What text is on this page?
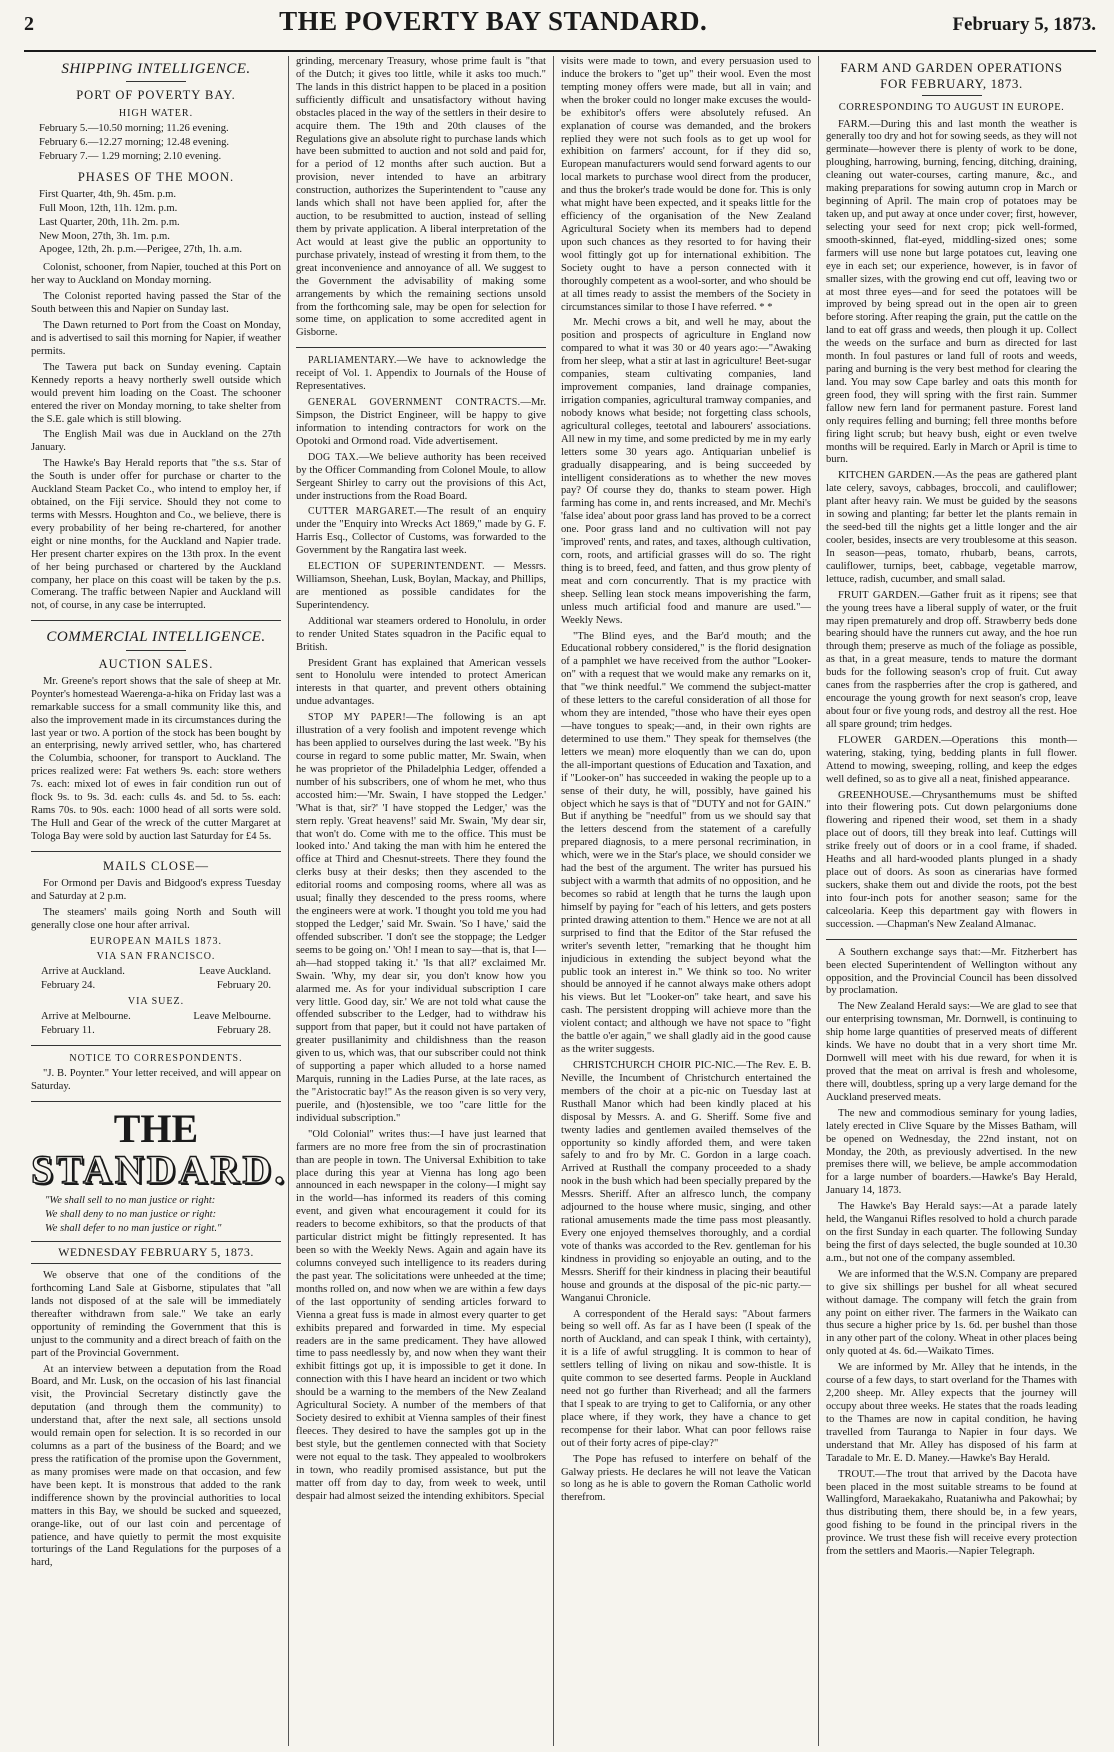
2	THE POVERTY BAY STANDARD.	February 5, 1873.
SHIPPING INTELLIGENCE.
PORT OF POVERTY BAY.
HIGH WATER.
February 5.—10.50 morning; 11.26 evening.
February 6.—12.27 morning; 12.48 evening.
February 7.— 1.29 morning; 2.10 evening.
PHASES OF THE MOON.
First Quarter, 4th, 9h. 45m. p.m.
Full Moon, 12th, 11h. 12m. p.m.
Last Quarter, 20th, 11h. 2m. p.m.
New Moon, 27th, 3h. 1m. p.m.
Apogee, 12th, 2h. p.m.—Perigee, 27th, 1h. a.m.

Colonist, schooner, from Napier, touched at this Port on her way to Auckland on Monday morning.

The Colonist reported having passed the Star of the South between this and Napier on Sunday last.

The Dawn returned to Port from the Coast on Monday, and is advertised to sail this morning for Napier, if weather permits.

The Tawera put back on Sunday evening. Captain Kennedy reports a heavy northerly swell outside which would prevent him loading on the Coast. The schooner entered the river on Monday morning, to take shelter from the S.E. gale which is still blowing.

The English Mail was due in Auckland on the 27th January.

The Hawke's Bay Herald reports that "the s.s. Star of the South is under offer for purchase or charter to the Auckland Steam Packet Co., who intend to employ her, if obtained, on the Fiji service. Should they not come to terms with Messrs. Houghton and Co., we believe, there is every probability of her being re-chartered, for another eight or nine months, for the Auckland and Napier trade. Her present charter expires on the 13th prox. In the event of her being purchased or chartered by the Auckland company, her place on this coast will be taken by the p.s. Comerang. The traffic between Napier and Auckland will not, of course, in any case be interrupted.

COMMERCIAL INTELLIGENCE.
AUCTION SALES.

Mr. Greene's report shows that the sale of sheep at Mr. Poynter's homestead Waerenga-a-hika on Friday last was a remarkable success for a small community like this, and also the improvement made in its circumstances during the last year or two. A portion of the stock has been bought by an enterprising, newly arrived settler, who, has chartered the Columbia, schooner, for transport to Auckland. The prices realized were: Fat wethers 9s. each: store wethers 7s. each: mixed lot of ewes in fair condition run out of flock 9s. to 9s. 3d. each: culls 4s. and 5d. to 5s. each: Rams 70s. to 90s. each: 1000 head of all sorts were sold. The Hull and Gear of the wreck of the cutter Margaret at Tologa Bay were sold by auction last Saturday for £4 5s.

MAILS CLOSE—

For Ormond per Davis and Bidgood's express Tuesday and Saturday at 2 p.m.

The steamers' mails going North and South will generally close one hour after arrival.

EUROPEAN MAILS 1873.
VIA SAN FRANCISCO.
Arrive at Auckland.	Leave Auckland.
February 24.	February 20.
VIA SUEZ.
Arrive at Melbourne.	Leave Melbourne.
February 11.	February 28.
NOTICE TO CORRESPONDENTS.

"J. B. Poynter." Your letter received, and will appear on Saturday.

THE
STANDARD.
"We shall sell to no man justice or right:
We shall deny to no man justice or right:
We shall defer to no man justice or right."
WEDNESDAY FEBRUARY 5, 1873.

We observe that one of the conditions of the forthcoming Land Sale at Gisborne, stipulates that "all lands not disposed of at the sale will be immediately thereafter withdrawn from sale." We take an early opportunity of reminding the Government that this is unjust to the community and a direct breach of faith on the part of the Provincial Government.

At an interview between a deputation from the Road Board, and Mr. Lusk, on the occasion of his last financial visit, the Provincial Secretary distinctly gave the deputation (and through them the community) to understand that, after the next sale, all sections unsold would remain open for selection. It is so recorded in our columns as a part of the business of the Board; and we press the ratification of the promise upon the Government, as many promises were made on that occasion, and few have been kept. It is monstrous that added to the rank indifference shown by the provincial authorities to local matters in this Bay, we should be sucked and squeezed, orange-like, out of our last coin and percentage of patience, and have quietly to permit the most exquisite torturings of the Land Regulations for the purposes of a hard,

grinding, mercenary Treasury, whose prime fault is "that of the Dutch; it gives too little, while it asks too much." The lands in this district happen to be placed in a position sufficiently difficult and unsatisfactory without having obstacles placed in the way of the settlers in their desire to acquire them. The 19th and 20th clauses of the Regulations give an absolute right to purchase lands which have been submitted to auction and not sold and paid for, for a period of 12 months after such auction. But a provision, never intended to have an arbitrary construction, authorizes the Superintendent to "cause any lands which shall not have been applied for, after the auction, to be resubmitted to auction, instead of selling them by private application. A liberal interpretation of the Act would at least give the public an opportunity to purchase privately, instead of wresting it from them, to the great inconvenience and annoyance of all. We suggest to the Government the advisability of making some arrangements by which the remaining sections unsold from the forthcoming sale, may be open for selection for some time, on application to some accredited agent in Gisborne.

PARLIAMENTARY.—We have to acknowledge the receipt of Vol. 1. Appendix to Journals of the House of Representatives.

GENERAL GOVERNMENT CONTRACTS.—Mr. Simpson, the District Engineer, will be happy to give information to intending contractors for work on the Opotoki and Ormond road. Vide advertisement.

DOG TAX.—We believe authority has been received by the Officer Commanding from Colonel Moule, to allow Sergeant Shirley to carry out the provisions of this Act, under instructions from the Road Board.

CUTTER MARGARET.—The result of an enquiry under the "Enquiry into Wrecks Act 1869," made by G. F. Harris Esq., Collector of Customs, was forwarded to the Government by the Rangatira last week.

ELECTION OF SUPERINTENDENT. — Messrs. Williamson, Sheehan, Lusk, Boylan, Mackay, and Phillips, are mentioned as possible candidates for the Superintendency.

Additional war steamers ordered to Honolulu, in order to render United States squadron in the Pacific equal to British.

President Grant has explained that American vessels sent to Honolulu were intended to protect American interests in that quarter, and prevent others obtaining undue advantages.

STOP MY PAPER!—The following is an apt illustration of a very foolish and impotent revenge which has been applied to ourselves during the last week. "By his course in regard to some public matter, Mr. Swain, when he was proprietor of the Philadelphia Ledger, offended a number of his subscribers, one of whom he met, who thus accosted him:—'Mr. Swain, I have stopped the Ledger.' 'What is that, sir?' 'I have stopped the Ledger,' was the stern reply. 'Great heavens!' said Mr. Swain, 'My dear sir, that won't do. Come with me to the office. This must be looked into.' And taking the man with him he entered the office at Third and Chesnut-streets. There they found the clerks busy at their desks; then they ascended to the editorial rooms and composing rooms, where all was as usual; finally they descended to the press rooms, where the engineers were at work. 'I thought you told me you had stopped the Ledger,' said Mr. Swain. 'So I have,' said the offended subscriber. 'I don't see the stoppage; the Ledger seems to be going on.' 'Oh! I mean to say—that is, that I—ah—had stopped taking it.' 'Is that all?' exclaimed Mr. Swain. 'Why, my dear sir, you don't know how you alarmed me. As for your individual subscription I care very little. Good day, sir.' We are not told what cause the offended subscriber to the Ledger, had to withdraw his support from that paper, but it could not have partaken of greater pusillanimity and childishness than the reason given to us, which was, that our subscriber could not think of supporting a paper which alluded to a horse named Marquis, running in the Ladies Purse, at the late races, as the "Aristocratic bay!" As the reason given is so very very, puerile, and (h)ostensible, we too "care little for the individual subscription."

"Old Colonial" writes thus:—I have just learned that farmers are no more free from the sin of procrastination than are people in town. The Universal Exhibition to take place during this year at Vienna has long ago been announced in each newspaper in the colony—I might say in the world—has informed its readers of this coming event, and given what encouragement it could for its readers to become exhibitors, so that the products of that particular district might be fittingly represented. It has been so with the Weekly News. Again and again have its columns conveyed such intelligence to its readers during the past year. The solicitations were unheeded at the time; months rolled on, and now when we are within a few days of the last opportunity of sending articles forward to Vienna a great fuss is made in almost every quarter to get exhibits prepared and forwarded in time. My especial readers are in the same predicament. They have allowed time to pass needlessly by, and now when they want their exhibit fittings got up, it is impossible to get it done. In connection with this I have heard an incident or two which should be a warning to the members of the New Zealand Agricultural Society. A number of the members of that Society desired to exhibit at Vienna samples of their finest fleeces. They desired to have the samples got up in the best style, but the gentlemen connected with that Society were not equal to the task. They appealed to woolbrokers in town, who readily promised assistance, but put the matter off from day to day, from week to week, until despair had almost seized the intending exhibitors. Special

visits were made to town, and every persuasion used to induce the brokers to "get up" their wool. Even the most tempting money offers were made, but all in vain; and when the broker could no longer make excuses the would-be exhibitor's offers were absolutely refused. An explanation of course was demanded, and the brokers replied they were not such fools as to get up wool for exhibition on farmers' account, for if they did so, European manufacturers would send forward agents to our local markets to purchase wool direct from the producer, and thus the broker's trade would be done for. This is only what might have been expected, and it speaks little for the efficiency of the organisation of the New Zealand Agricultural Society when its members had to depend upon such chances as they resorted to for having their wool fittingly got up for international exhibition. The Society ought to have a person connected with it thoroughly competent as a wool-sorter, and who should be at all times ready to assist the members of the Society in circumstances similar to those I have referred. * *

Mr. Mechi crows a bit, and well he may, about the position and prospects of agriculture in England now compared to what it was 30 or 40 years ago:—"Awaking from her sleep, what a stir at last in agriculture! Beet-sugar companies, steam cultivating companies, land improvement companies, land drainage companies, irrigation companies, agricultural tramway companies, and nobody knows what beside; not forgetting class schools, agricultural colleges, teetotal and labourers' associations. All new in my time, and some predicted by me in my early letters some 30 years ago. Antiquarian unbelief is gradually disappearing, and is being succeeded by intelligent considerations as to whether the new moves pay? Of course they do, thanks to steam power. High farming has come in, and rents increased, and Mr. Mechi's 'false idea' about poor grass land has proved to be a correct one. Poor grass land and no cultivation will not pay 'improved' rents, and rates, and taxes, although cultivation, corn, roots, and artificial grasses will do so. The right thing is to breed, feed, and fatten, and thus grow plenty of meat and corn concurrently. That is my practice with sheep. Selling lean stock means impoverishing the farm, unless much artificial food and manure are used."—Weekly News.

"The Blind eyes, and the Bar'd mouth; and the Educational robbery considered," is the florid designation of a pamphlet we have received from the author "Looker-on" with a request that we would make any remarks on it, that "we think needful." We commend the subject-matter of these letters to the careful consideration of all those for whom they are intended, "those who have their eyes open—have tongues to speak;—and, in their own rights are determined to use them." They speak for themselves (the letters we mean) more eloquently than we can do, upon the all-important questions of Education and Taxation, and if "Looker-on" has succeeded in waking the people up to a sense of their duty, he will, possibly, have gained his object which he says is that of "DUTY and not for GAIN." But if anything be "needful" from us we should say that the letters descend from the statement of a carefully prepared diagnosis, to a mere personal recrimination, in which, were we in the Star's place, we should consider we had the best of the argument. The writer has pursued his subject with a warmth that admits of no opposition, and he becomes so rabid at length that he turns the laugh upon himself by paying for "each of his letters, and gets posters printed drawing attention to them." Hence we are not at all surprised to find that the Editor of the Star refused the writer's seventh letter, "remarking that he thought him injudicious in extending the subject beyond what the public took an interest in." We think so too. No writer should be annoyed if he cannot always make others adopt his views. But let "Looker-on" take heart, and save his cash. The persistent dropping will achieve more than the violent contact; and although we have not space to "fight the battle o'er again," we shall gladly aid in the good cause as the writer suggests.

CHRISTCHURCH CHOIR PIC-NIC.—The Rev. E. B. Neville, the Incumbent of Christchurch entertained the members of the choir at a pic-nic on Tuesday last at Rusthall Manor which had been kindly placed at his disposal by Messrs. A. and G. Sheriff. Some five and twenty ladies and gentlemen availed themselves of the opportunity so kindly afforded them, and were taken safely to and fro by Mr. C. Gordon in a large coach. Arrived at Rusthall the company proceeded to a shady nook in the bush which had been specially prepared by the Messrs. Sheriff. After an alfresco lunch, the company adjourned to the house where music, singing, and other rational amusements made the time pass most pleasantly. Every one enjoyed themselves thoroughly, and a cordial vote of thanks was accorded to the Rev. gentleman for his kindness in providing so enjoyable an outing, and to the Messrs. Sheriff for their kindness in placing their beautiful house and grounds at the disposal of the pic-nic party.—Wanganui Chronicle.

A correspondent of the Herald says: "About farmers being so well off. As far as I have been (I speak of the north of Auckland, and can speak I think, with certainty), it is a life of awful struggling. It is common to hear of settlers telling of living on nikau and sow-thistle. It is quite common to see deserted farms. People in Auckland need not go further than Riverhead; and all the farmers that I speak to are trying to get to California, or any other place where, if they work, they have a chance to get recompense for their labor. What can poor fellows raise out of their forty acres of pipe-clay?"

The Pope has refused to interfere on behalf of the Galway priests. He declares he will not leave the Vatican so long as he is able to govern the Roman Catholic world therefrom.

FARM AND GARDEN OPERATIONS FOR FEBRUARY, 1873.
CORRESPONDING TO AUGUST IN EUROPE.

FARM.—During this and last month the weather is generally too dry and hot for sowing seeds, as they will not germinate—however there is plenty of work to be done, ploughing, harrowing, burning, fencing, ditching, draining, cleaning out water-courses, carting manure, &c., and making preparations for sowing autumn crop in March or beginning of April. The main crop of potatoes may be taken up, and put away at once under cover; first, however, selecting your seed for next crop; pick well-formed, smooth-skinned, flat-eyed, middling-sized ones; some farmers will use none but large potatoes cut, leaving one eye in each set; our experience, however, is in favor of smaller sizes, with the growing end cut off, leaving two or at most three eyes—and for seed the potatoes will be improved by being spread out in the open air to green before storing. After reaping the grain, put the cattle on the land to eat off grass and weeds, then plough it up. Collect the weeds on the surface and burn as directed for last month. In foul pastures or land full of roots and weeds, paring and burning is the very best method for clearing the land. You may sow Cape barley and oats this month for green food, they will spring with the first rain. Summer fallow new fern land for permanent pasture. Forest land only requires felling and burning; fell three months before firing light scrub; but heavy bush, eight or even twelve months will be required. Early in March or April is time to burn.

KITCHEN GARDEN.—As the peas are gathered plant late celery, savoys, cabbages, broccoli, and cauliflower; plant after heavy rain. We must be guided by the seasons in sowing and planting; far better let the plants remain in the seed-bed till the nights get a little longer and the air cooler, besides, insects are very troublesome at this season. In season—peas, tomato, rhubarb, beans, carrots, cauliflower, turnips, beet, cabbage, vegetable marrow, lettuce, radish, cucumber, and small salad.

FRUIT GARDEN.—Gather fruit as it ripens; see that the young trees have a liberal supply of water, or the fruit may ripen prematurely and drop off. Strawberry beds done bearing should have the runners cut away, and the hoe run through them; preserve as much of the foliage as possible, as that, in a great measure, tends to mature the dormant buds for the following season's crop of fruit. Cut away canes from the raspberries after the crop is gathered, and encourage the young growth for next season's crop, leave about four or five young rods, and destroy all the rest. Hoe all spare ground; trim hedges.

FLOWER GARDEN.—Operations this month—watering, staking, tying, bedding plants in full flower. Attend to mowing, sweeping, rolling, and keep the edges well defined, so as to give all a neat, finished appearance.

GREENHOUSE.—Chrysanthemums must be shifted into their flowering pots. Cut down pelargoniums done flowering and ripened their wood, set them in a shady place out of doors, till they break into leaf. Cuttings will strike freely out of doors or in a cool frame, if shaded. Heaths and all hard-wooded plants plunged in a shady place out of doors. As soon as cinerarias have formed suckers, shake them out and divide the roots, pot the best into four-inch pots for another season; same for the calceolaria. Keep this department gay with flowers in succession. —Chapman's New Zealand Almanac.

A Southern exchange says that:—Mr. Fitzherbert has been elected Superintendent of Wellington without any opposition, and the Provincial Council has been dissolved by proclamation.

The New Zealand Herald says:—We are glad to see that our enterprising townsman, Mr. Dornwell, is continuing to ship home large quantities of preserved meats of different kinds. We have no doubt that in a very short time Mr. Dornwell will meet with his due reward, for when it is proved that the meat on arrival is fresh and wholesome, there will, doubtless, spring up a very large demand for the Auckland preserved meats.

The new and commodious seminary for young ladies, lately erected in Clive Square by the Misses Batham, will be opened on Wednesday, the 22nd instant, not on Monday, the 20th, as previously advertised. In the new premises there will, we believe, be ample accommodation for a large number of boarders.—Hawke's Bay Herald, January 14, 1873.

The Hawke's Bay Herald says:—At a parade lately held, the Wanganui Rifles resolved to hold a church parade on the first Sunday in each quarter. The following Sunday being the first of days selected, the bugle sounded at 10.30 a.m., but not one of the company assembled.

We are informed that the W.S.N. Company are prepared to give six shillings per bushel for all wheat secured without damage. The company will fetch the grain from any point on either river. The farmers in the Waikato can thus secure a higher price by 1s. 6d. per bushel than those in any other part of the colony. Wheat in other places being only quoted at 4s. 6d.—Waikato Times.

We are informed by Mr. Alley that he intends, in the course of a few days, to start overland for the Thames with 2,200 sheep. Mr. Alley expects that the journey will occupy about three weeks. He states that the roads leading to the Thames are now in capital condition, he having travelled from Tauranga to Napier in four days. We understand that Mr. Alley has disposed of his farm at Taradale to Mr. E. D. Maney.—Hawke's Bay Herald.

TROUT.—The trout that arrived by the Dacota have been placed in the most suitable streams to be found at Wallingford, Maraekakaho, Ruataniwha and Pakowhai; by thus distributing them, there should be, in a few years, good fishing to be found in the principal rivers in the province. We trust these fish will receive every protection from the settlers and Maoris.—Napier Telegraph.
